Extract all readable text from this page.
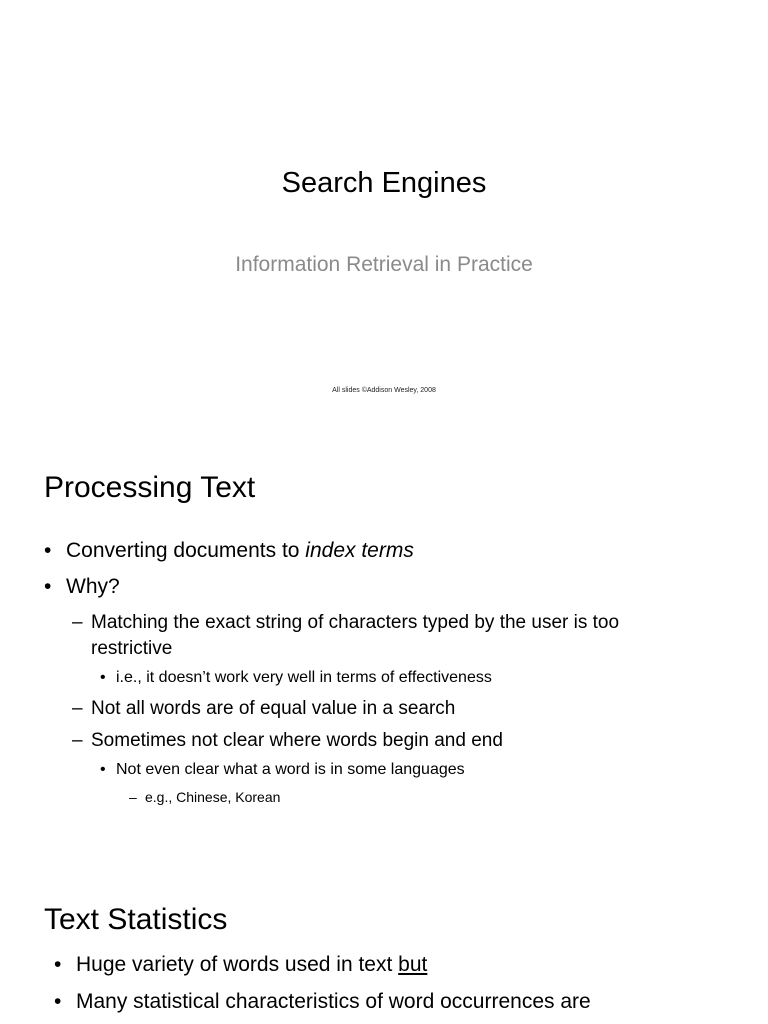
Search Engines
Information Retrieval in Practice
All slides ©Addison Wesley, 2008
Processing Text
• Converting documents to index terms
• Why?
– Matching the exact string of characters typed by the user is too restrictive
• i.e., it doesn’t work very well in terms of effectiveness
– Not all words are of equal value in a search
– Sometimes not clear where words begin and end
• Not even clear what a word is in some languages
– e.g., Chinese, Korean
Text Statistics
• Huge variety of words used in text but
• Many statistical characteristics of word occurrences are
